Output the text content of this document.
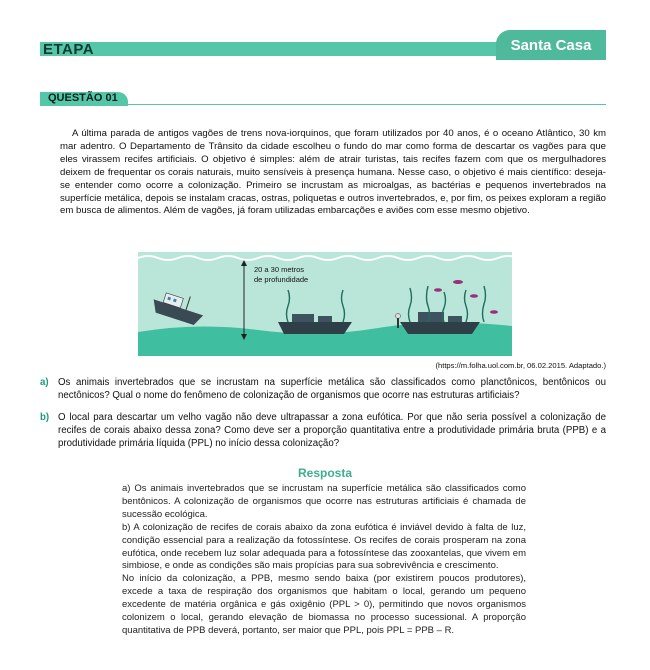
ETAPA	Santa Casa
QUESTÃO 01

A última parada de antigos vagões de trens nova-iorquinos, que foram utilizados por 40 anos, é o oceano Atlântico, 30 km mar adentro. O Departamento de Trânsito da cidade escolheu o fundo do mar como forma de descartar os vagões para que eles virassem recifes artificiais. O objetivo é simples: além de atrair turistas, tais recifes fazem com que os mergulhadores deixem de frequentar os corais naturais, muito sensíveis à presença humana. Nesse caso, o objetivo é mais científico: deseja-se entender como ocorre a colonização. Primeiro se incrustam as microalgas, as bactérias e pequenos invertebrados na superfície metálica, depois se instalam cracas, ostras, poliquetas e outros invertebrados, e, por fim, os peixes exploram a região em busca de alimentos. Além de vagões, já foram utilizadas embarcações e aviões com esse mesmo objetivo.

20 a 30 metros
de profundidade
(https://m.folha.uol.com.br, 06.02.2015. Adaptado.)
a) Os animais invertebrados que se incrustam na superfície metálica são classificados como planctônicos, bentônicos ou nectônicos? Qual o nome do fenômeno de colonização de organismos que ocorre nas estruturas artificiais?
b) O local para descartar um velho vagão não deve ultrapassar a zona eufótica. Por que não seria possível a colonização de recifes de corais abaixo dessa zona? Como deve ser a proporção quantitativa entre a produtividade primária bruta (PPB) e a produtividade primária líquida (PPL) no início dessa colonização?
Resposta

a) Os animais invertebrados que se incrustam na superfície metálica são classificados como bentônicos. A colonização de organismos que ocorre nas estruturas artificiais é chamada de sucessão ecológica.

b) A colonização de recifes de corais abaixo da zona eufótica é inviável devido à falta de luz, condição essencial para a realização da fotossíntese. Os recifes de corais prosperam na zona eufótica, onde recebem luz solar adequada para a fotossíntese das zooxantelas, que vivem em simbiose, e onde as condições são mais propícias para sua sobrevivência e crescimento.

No início da colonização, a PPB, mesmo sendo baixa (por existirem poucos produtores), excede a taxa de respiração dos organismos que habitam o local, gerando um pequeno excedente de matéria orgânica e gás oxigênio (PPL > 0), permitindo que novos organismos colonizem o local, gerando elevação de biomassa no processo sucessional. A proporção quantitativa de PPB deverá, portanto, ser maior que PPL, pois PPL = PPB – R.
